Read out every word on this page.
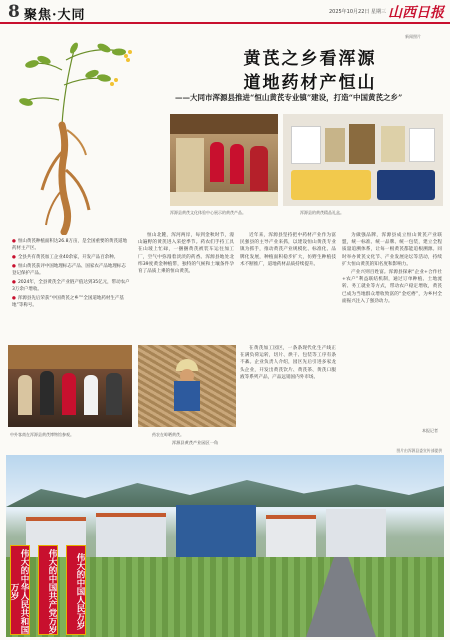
8 聚焦·大同	2025年10月22日 星期三 山西日报
黄芪之乡看浑源
道地药材产恒山
——大同市浑源县推进“恒山黄芪专业镇”建设，打造“中国黄芪之乡”
新闻照片
浑源县黄芪文化体验中心展示的黄芪产品。	浑源县的黄芪精品礼盒。

● 恒山黄芪种植面积达26.8万亩，是全国重要的黄芪道地药材主产区。

● 全县共有黄芪加工企业40余家，开发产品百余种。

● 恒山黄芪获评中国地理标志产品、国家农产品地理标志登记保护产品。

● 2024年，全县黄芪全产业链产值达到35亿元，带动农户3万余户增收。

● 浑源县先后荣获“中国黄芪之乡”“全国道地药材生产基地”等称号。

中外客商在浑源县黄芪博物馆参观。

恒山北麓，浑河两岸，每到金秋时节，漫山遍野的黄芪进入采挖季节。药农们手持工具在山坡上忙碌，一捆捆黄芪被装车运往加工厂，空气中弥漫着淡淡的药香。浑源县地处北纬39度黄金种植带，独特的气候和土壤条件孕育了品质上乘的恒山黄芪。

近年来，浑源县坚持把中药材产业作为富民强县的主导产业来抓，以建设恒山黄芪专业镇为抓手，推动黄芪产业规模化、标准化、品牌化发展，种植面积稳步扩大，仿野生种植技术不断推广，道地药材品质持续提升。

为做强品牌，浑源县成立恒山黄芪产业联盟，统一标准、统一品牌、统一包装，建立全程质量追溯体系，让每一根黄芪都能追根溯源。同时举办黄芪文化节、产业发展论坛等活动，持续扩大恒山黄芪的知名度和影响力。

产业兴则百姓富。浑源县探索“企业+合作社+农户”利益联结机制，通过订单种植、土地流转、务工就业等方式，带动农户稳定增收，黄芪已成为当地群众增收致富的“金疙瘩”，为乡村全面振兴注入了强劲动力。

药农在晾晒黄芪。

在黄芪加工园区，一条条现代化生产线正在满负荷运转，切片、烘干、包装等工序有条不紊。企业负责人介绍，园区先后引进多家龙头企业，开发出黄芪饮片、黄芪茶、黄芪口服液等系列产品，产品远销国内外市场。

本报记者
浑源县黄芪产业园区一角
图片由浑源县委宣传部提供
伟大的中华人民共和国万岁	伟大的中国共产党万岁	伟大的中国人民万岁
